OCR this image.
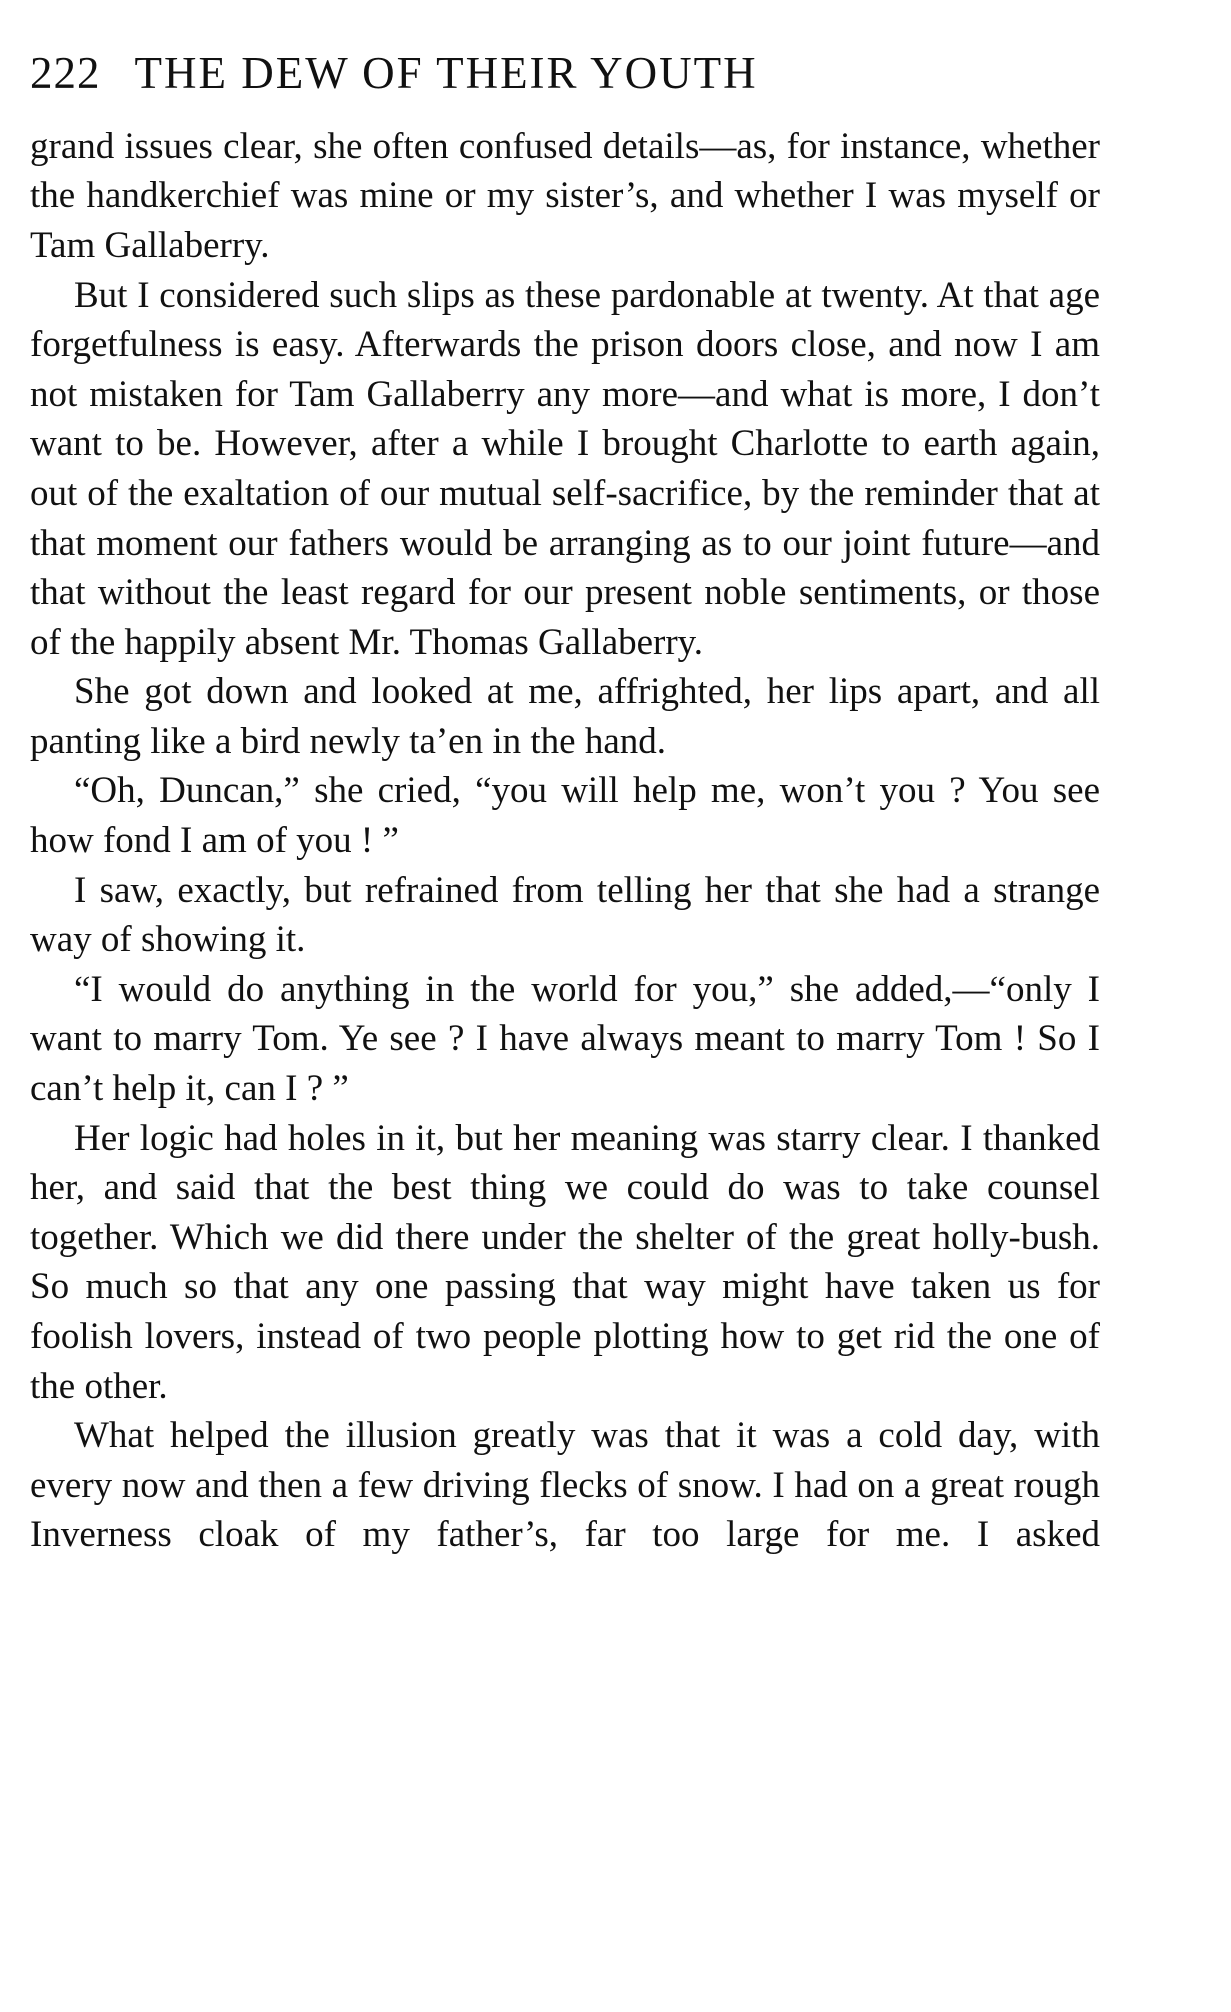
222 THE DEW OF THEIR YOUTH

grand issues clear, she often confused details—as, for instance, whether the handkerchief was mine or my sister’s, and whether I was myself or Tam Gallaberry.

But I considered such slips as these pardonable at twenty. At that age forgetfulness is easy. Afterwards the prison doors close, and now I am not mistaken for Tam Gallaberry any more—and what is more, I don’t want to be. However, after a while I brought Charlotte to earth again, out of the exaltation of our mutual self-sacrifice, by the reminder that at that moment our fathers would be arranging as to our joint future—and that without the least regard for our present noble sentiments, or those of the happily absent Mr. Thomas Gallaberry.

She got down and looked at me, affrighted, her lips apart, and all panting like a bird newly ta’en in the hand.

“Oh, Duncan,” she cried, “you will help me, won’t you ? You see how fond I am of you ! ”

I saw, exactly, but refrained from telling her that she had a strange way of showing it.

“I would do anything in the world for you,” she added,—“only I want to marry Tom. Ye see ? I have always meant to marry Tom ! So I can’t help it, can I ? ”

Her logic had holes in it, but her meaning was starry clear. I thanked her, and said that the best thing we could do was to take counsel together. Which we did there under the shelter of the great holly-bush. So much so that any one passing that way might have taken us for foolish lovers, instead of two people plotting how to get rid the one of the other.

What helped the illusion greatly was that it was a cold day, with every now and then a few driving flecks of snow. I had on a great rough Inverness cloak of my father’s, far too large for me. I asked
